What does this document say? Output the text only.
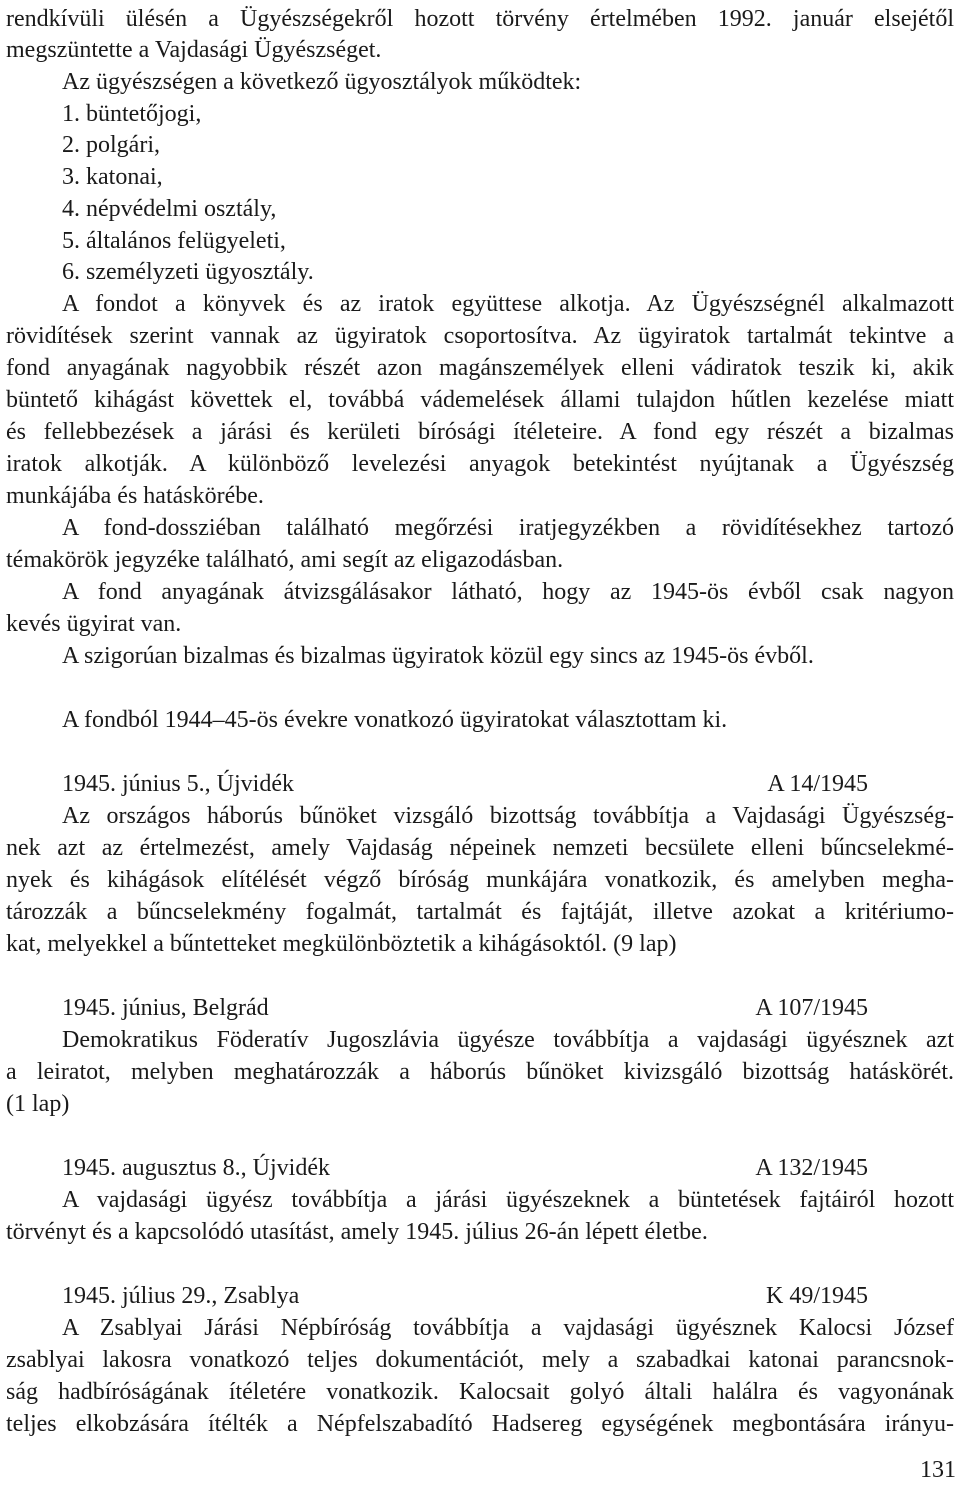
rendkívüli ülésén a Ügyészségekről hozott törvény értelmében 1992. január elsejétől
megszüntette a Vajdasági Ügyészséget.
Az ügyészségen a következő ügyosztályok működtek:
1. büntetőjogi,
2. polgári,
3. katonai,
4. népvédelmi osztály,
5. általános felügyeleti,
6. személyzeti ügyosztály.
A fondot a könyvek és az iratok együttese alkotja. Az Ügyészségnél alkalmazott
rövidítések szerint vannak az ügyiratok csoportosítva. Az ügyiratok tartalmát tekintve a
fond anyagának nagyobbik részét azon magánszemélyek elleni vádiratok teszik ki, akik
büntető kihágást követtek el, továbbá vádemelések állami tulajdon hűtlen kezelése miatt
és fellebbezések a járási és kerületi bírósági ítéleteire. A fond egy részét a bizalmas
iratok alkotják. A különböző levelezési anyagok betekintést nyújtanak a Ügyészség
munkájába és hatáskörébe.
A fond-dossziéban található megőrzési iratjegyzékben a rövidítésekhez tartozó
témakörök jegyzéke található, ami segít az eligazodásban.
A fond anyagának átvizsgálásakor látható, hogy az 1945-ös évből csak nagyon
kevés ügyirat van.
A szigorúan bizalmas és bizalmas ügyiratok közül egy sincs az 1945-ös évből.
A fondból 1944–45-ös évekre vonatkozó ügyiratokat választottam ki.
1945. június 5., Újvidék	A 14/1945
Az országos háborús bűnöket vizsgáló bizottság továbbítja a Vajdasági Ügyészség-
nek azt az értelmezést, amely Vajdaság népeinek nemzeti becsülete elleni bűncselekmé-
nyek és kihágások elítélését végző bíróság munkájára vonatkozik, és amelyben megha-
tározzák a bűncselekmény fogalmát, tartalmát és fajtáját, illetve azokat a kritériumo-
kat, melyekkel a bűntetteket megkülönböztetik a kihágásoktól. (9 lap)
1945. június, Belgrád	A 107/1945
Demokratikus Föderatív Jugoszlávia ügyésze továbbítja a vajdasági ügyésznek azt
a leiratot, melyben meghatározzák a háborús bűnöket kivizsgáló bizottság hatáskörét.
(1 lap)
1945. augusztus 8., Újvidék	A 132/1945
A vajdasági ügyész továbbítja a járási ügyészeknek a büntetések fajtáiról hozott
törvényt és a kapcsolódó utasítást, amely 1945. július 26-án lépett életbe.
1945. július 29., Zsablya	K 49/1945
A Zsablyai Járási Népbíróság továbbítja a vajdasági ügyésznek Kalocsi József
zsablyai lakosra vonatkozó teljes dokumentációt, mely a szabadkai katonai parancsnok-
ság hadbíróságának ítéletére vonatkozik. Kalocsait golyó általi halálra és vagyonának
teljes elkobzására ítélték a Népfelszabadító Hadsereg egységének megbontására irányu-
131
